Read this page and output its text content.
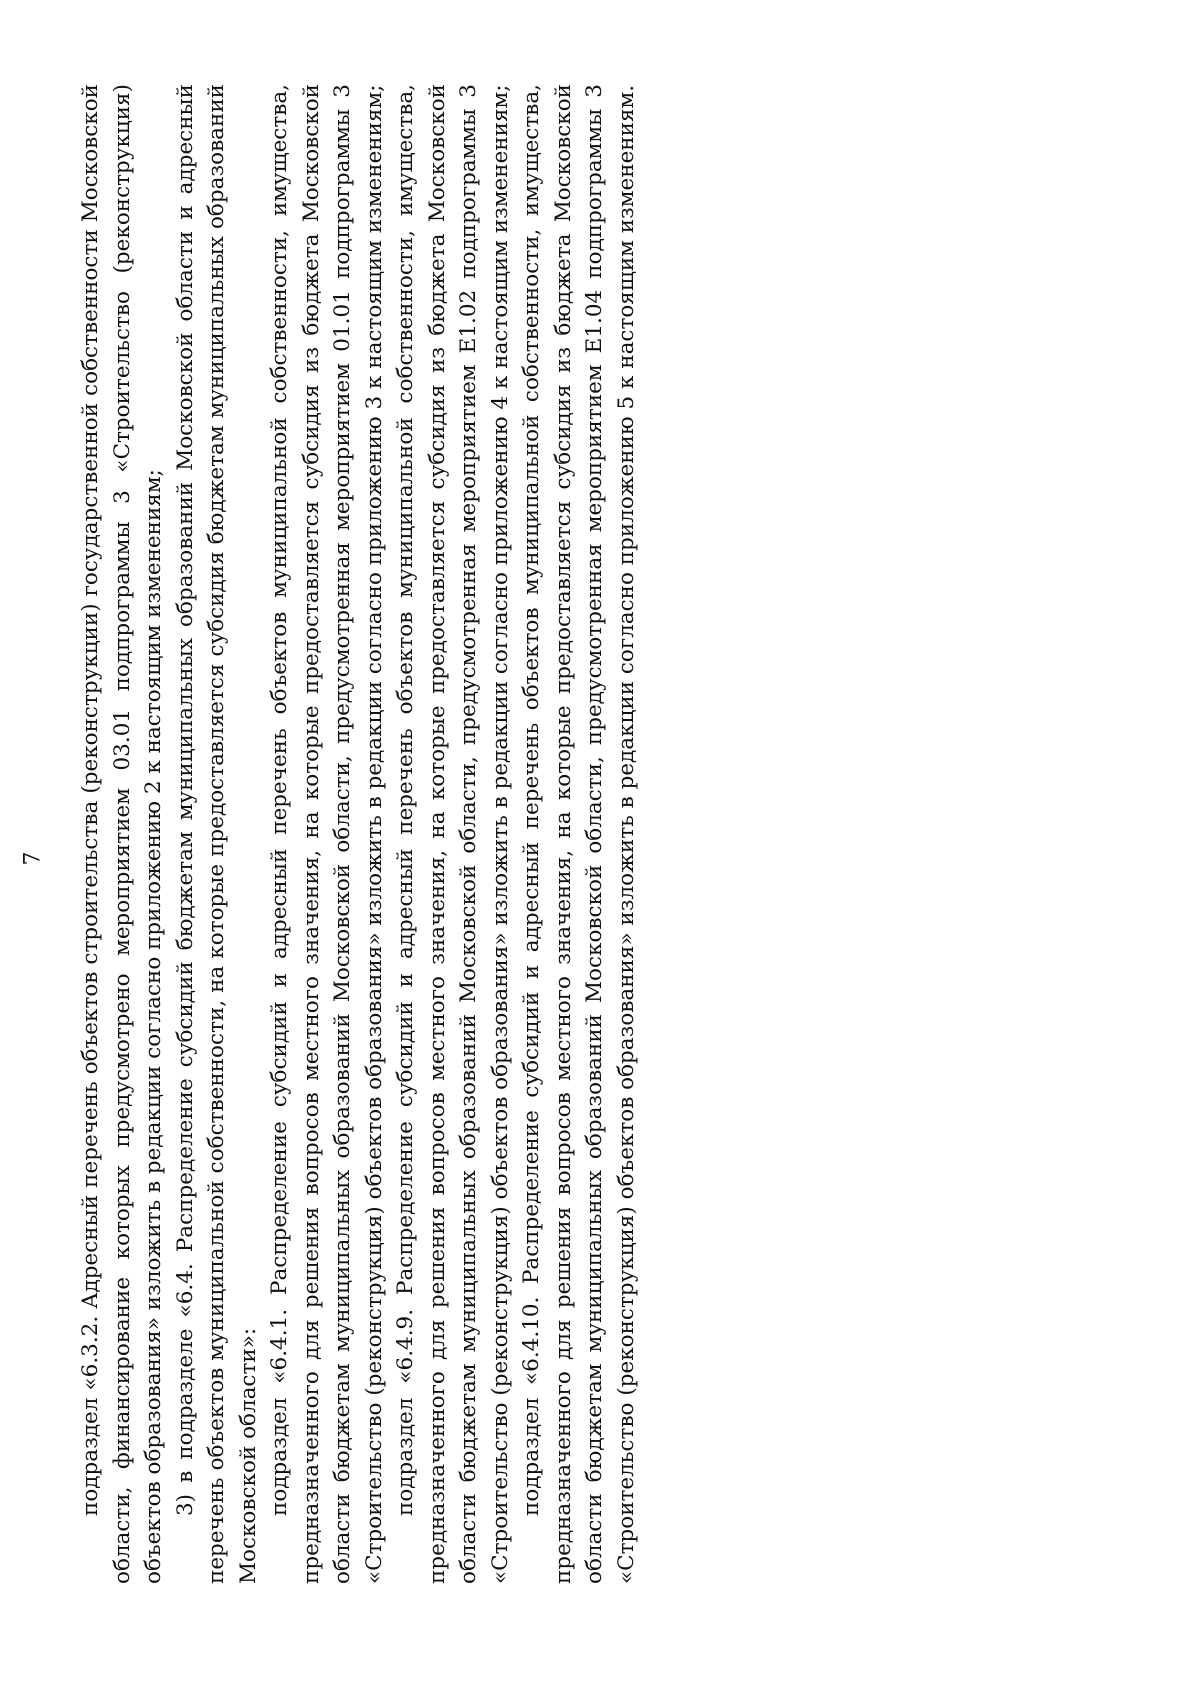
7 подраздел «6.3.2. Адресный перечень объектов строительства (реконструкции) государственной собственности Московской области, финансирование которых предусмотрено мероприятием 03.01 подпрограммы 3 «Строительство (реконструкция) объектов образования» изложить в редакции согласно приложению 2 к настоящим изменениям; 3) в подразделе «6.4. Распределение субсидий бюджетам муниципальных образований Московской области и адресный перечень объектов муниципальной собственности, на которые предоставляется субсидия бюджетам муниципальных образований Московской области»: подраздел «6.4.1. Распределение субсидий и адресный перечень объектов муниципальной собственности, имущества, предназначенного для решения вопросов местного значения, на которые предоставляется субсидия из бюджета Московской области бюджетам муниципальных образований Московской области, предусмотренная мероприятием 01.01 подпрограммы 3 «Строительство (реконструкция) объектов образования» изложить в редакции согласно приложению 3 к настоящим изменениям; подраздел «6.4.9. Распределение субсидий и адресный перечень объектов муниципальной собственности, имущества, предназначенного для решения вопросов местного значения, на которые предоставляется субсидия из бюджета Московской области бюджетам муниципальных образований Московской области, предусмотренная мероприятием Е1.02 подпрограммы 3 «Строительство (реконструкция) объектов образования» изложить в редакции согласно приложению 4 к настоящим изменениям; подраздел «6.4.10. Распределение субсидий и адресный перечень объектов муниципальной собственности, имущества, предназначенного для решения вопросов местного значения, на которые предоставляется субсидия из бюджета Московской области бюджетам муниципальных образований Московской области, предусмотренная мероприятием Е1.04 подпрограммы 3 «Строительство (реконструкция) объектов образования» изложить в редакции согласно приложению 5 к настоящим изменениям.
